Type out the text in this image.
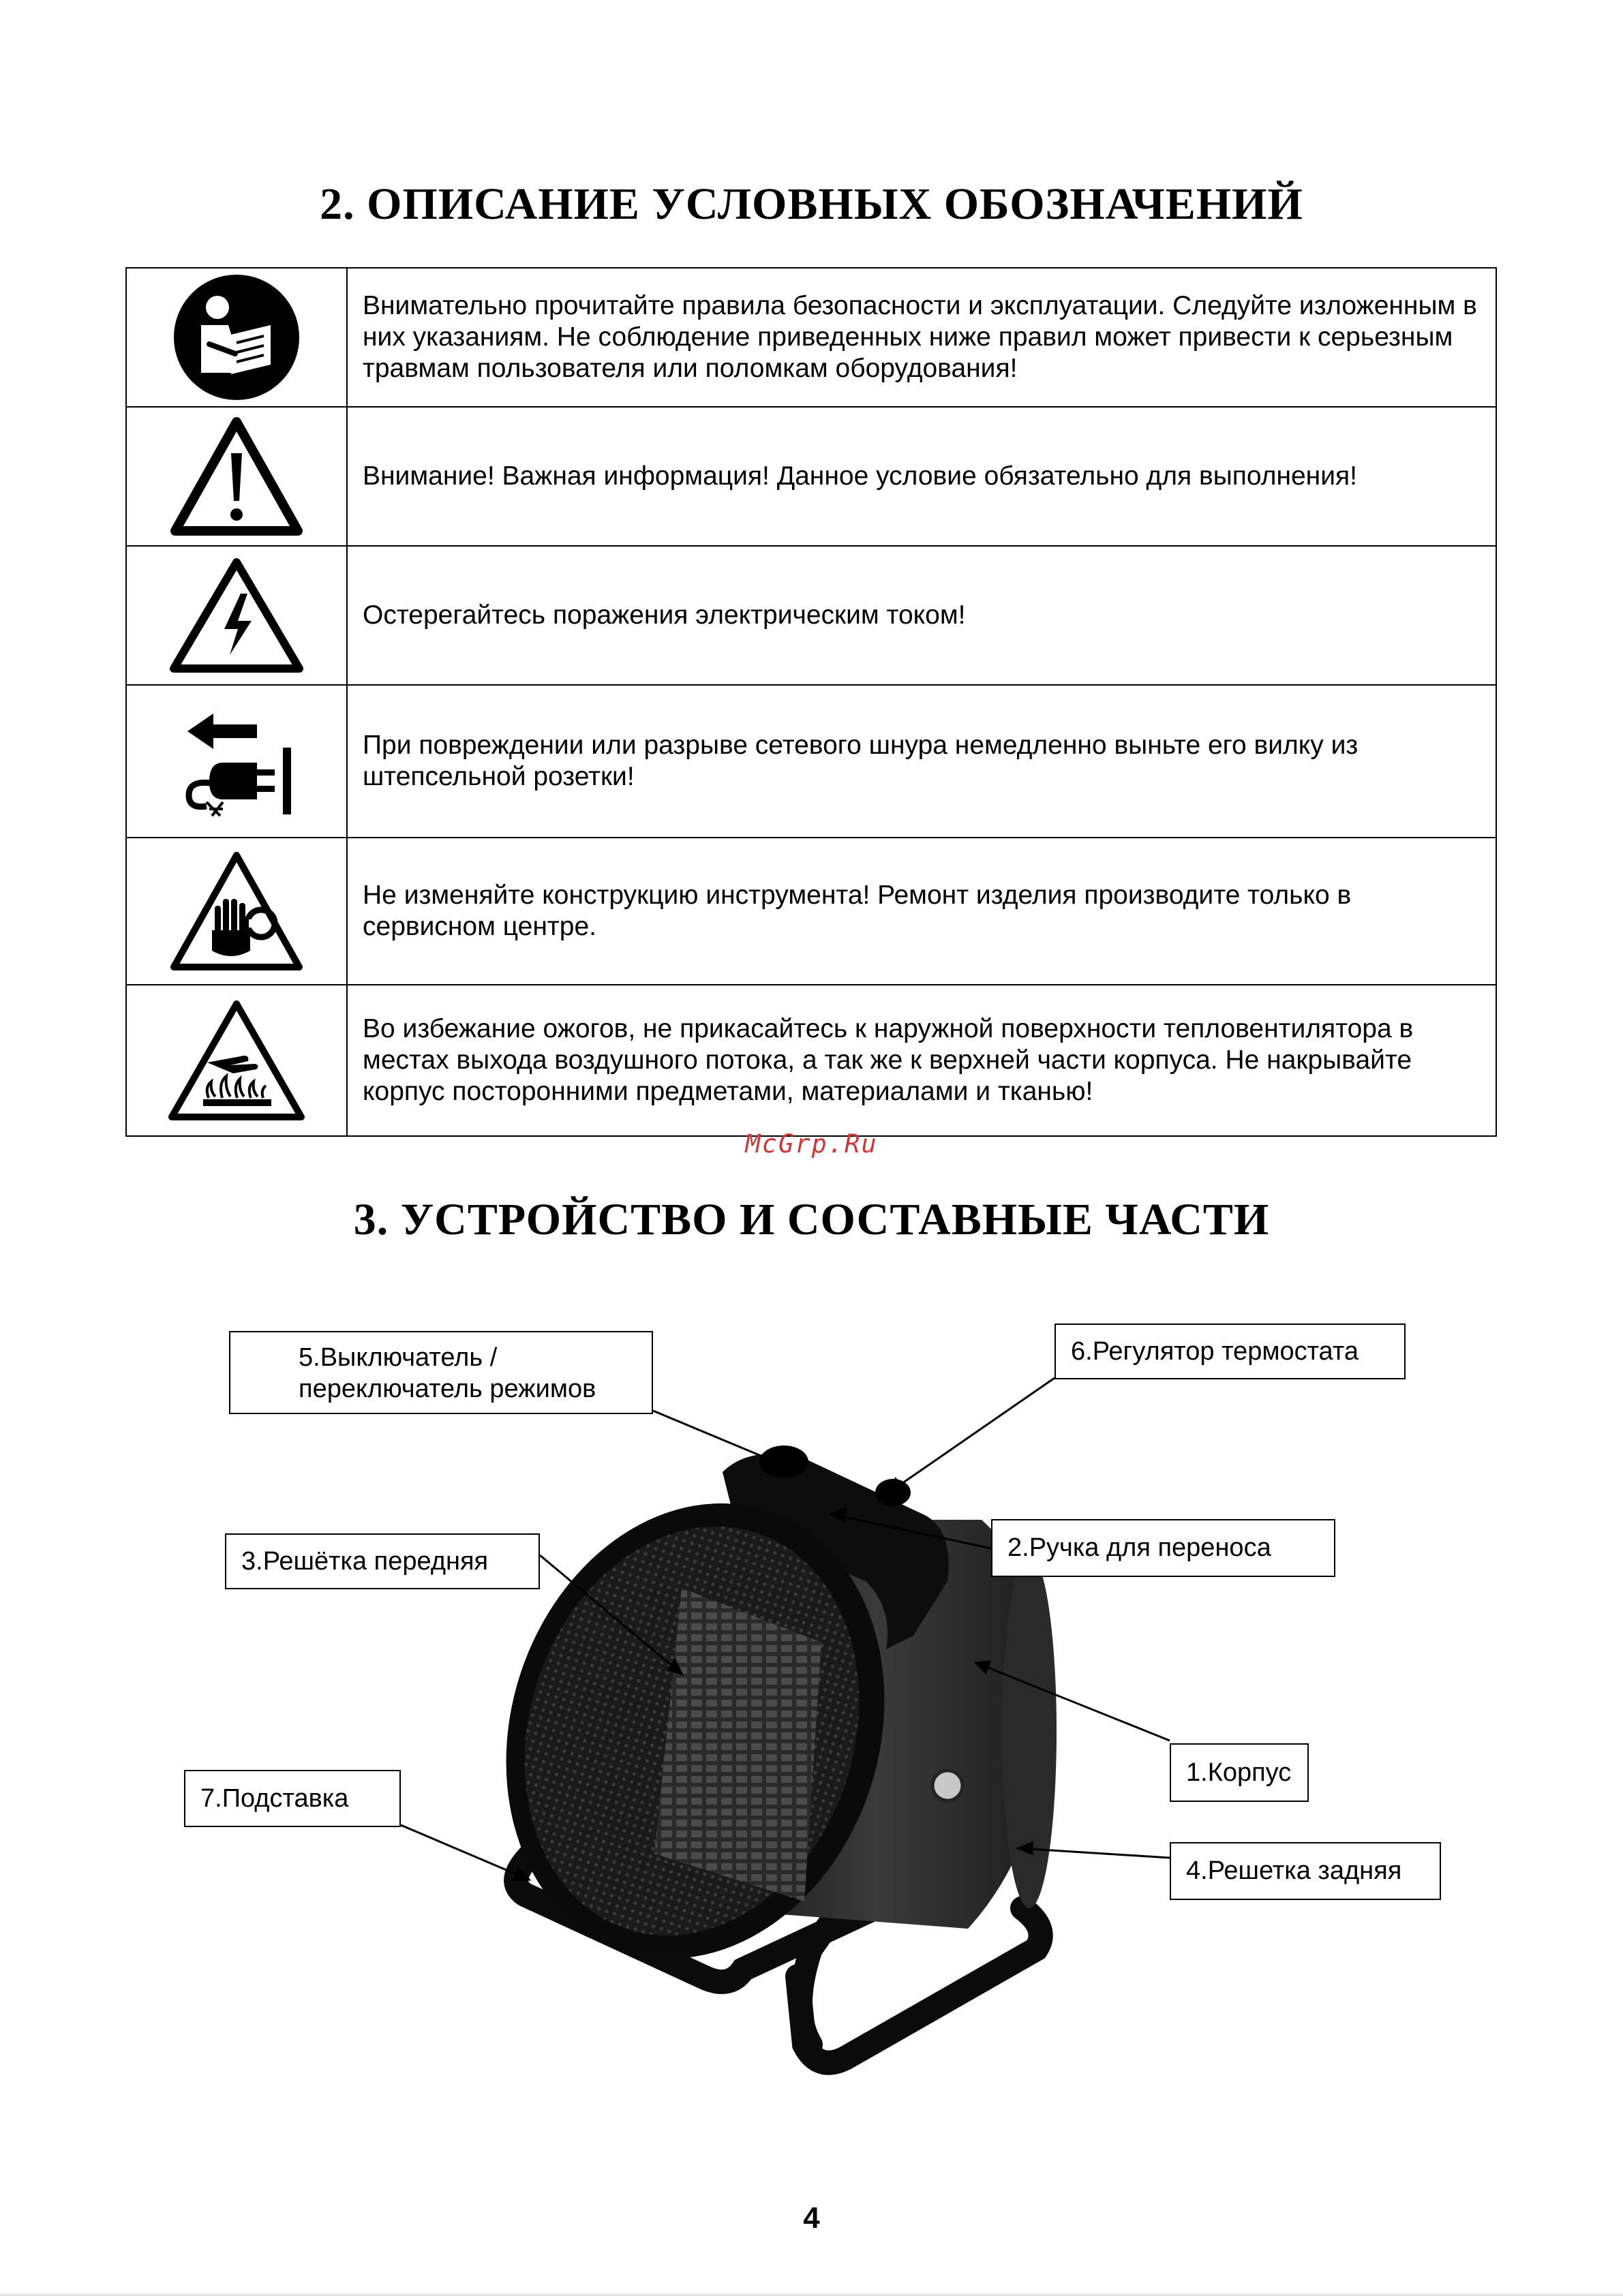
2. ОПИСАНИЕ УСЛОВНЫХ ОБОЗНАЧЕНИЙ
	Внимательно прочитайте правила безопасности и эксплуатации. Следуйте изложенным в них указаниям. Не соблюдение приведенных ниже правил может привести к серьезным травмам пользователя или поломкам оборудования!

	Внимание! Важная информация! Данное условие обязательно для выполнения!

	Остерегайтесь поражения электрическим током!

	При повреждении или разрыве сетевого шнура немедленно выньте его вилку из штепсельной розетки!

	Не изменяйте конструкцию инструмента! Ремонт изделия производите только в сервисном центре.

	Во избежание ожогов, не прикасайтесь к наружной поверхности тепловентилятора в местах выхода воздушного потока, а так же к верхней части корпуса. Не накрывайте корпус посторонними предметами, материалами и тканью!
McGrp.Ru
3. УСТРОЙСТВО И СОСТАВНЫЕ ЧАСТИ
5.Выключатель /
переключатель режимов
6.Регулятор термостата
2.Ручка для переноса
3.Решётка передняя
1.Корпус
7.Подставка
4.Решетка задняя
4
